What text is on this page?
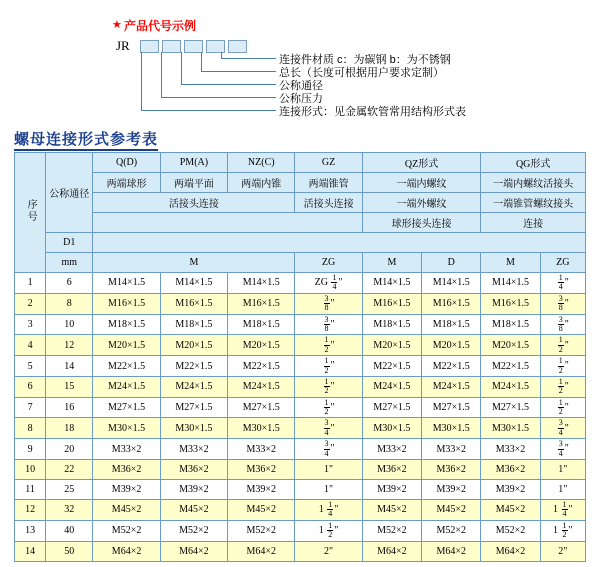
★ 产品代号示例
JR
连接件材质 c：为碳钢 b：为不锈钢
总长（长度可根据用户要求定制）
公称通径
公称压力
连接形式：见金属软管常用结构形式表
螺母连接形式参考表
序号	公称通径	Q(D)	PM(A)	NZ(C)	GZ	QZ形式		QG形式	
		两端球形	两端平面	两端内锥	两端锥管	一端内螺纹		一端内螺纹活接头	
		活接头连接			活接头连接	一端外螺纹		一端锥管螺纹接头	
						球形接头连接		连接	
	D1								
	mm	M			ZG	M	D	M	ZG
1	6	M14×1.5	M14×1.5	M14×1.5	ZG $\frac{1}{4}$ "	M14×1.5	M14×1.5	M14×1.5	$\frac{1}{4}$ "
2	8	M16×1.5	M16×1.5	M16×1.5	$\frac{3}{8}$ "	M16×1.5	M16×1.5	M16×1.5	$\frac{3}{8}$ "
3	10	M18×1.5	M18×1.5	M18×1.5	$\frac{3}{8}$ "	M18×1.5	M18×1.5	M18×1.5	$\frac{3}{8}$ "
4	12	M20×1.5	M20×1.5	M20×1.5	$\frac{1}{2}$ "	M20×1.5	M20×1.5	M20×1.5	$\frac{1}{2}$ "
5	14	M22×1.5	M22×1.5	M22×1.5	$\frac{1}{2}$ "	M22×1.5	M22×1.5	M22×1.5	$\frac{1}{2}$ "
6	15	M24×1.5	M24×1.5	M24×1.5	$\frac{1}{2}$ "	M24×1.5	M24×1.5	M24×1.5	$\frac{1}{2}$ "
7	16	M27×1.5	M27×1.5	M27×1.5	$\frac{1}{2}$ "	M27×1.5	M27×1.5	M27×1.5	$\frac{1}{2}$ "
8	18	M30×1.5	M30×1.5	M30×1.5	$\frac{3}{4}$ "	M30×1.5	M30×1.5	M30×1.5	$\frac{3}{4}$ "
9	20	M33×2	M33×2	M33×2	$\frac{3}{4}$ "	M33×2	M33×2	M33×2	$\frac{3}{4}$ "
10	22	M36×2	M36×2	M36×2	1"	M36×2	M36×2	M36×2	1"
11	25	M39×2	M39×2	M39×2	1"	M39×2	M39×2	M39×2	1"
12	32	M45×2	M45×2	M45×2	$1 \frac{1}{4}$ "	M45×2	M45×2	M45×2	$1 \frac{1}{4}$ "
13	40	M52×2	M52×2	M52×2	$1 \frac{1}{2}$ "	M52×2	M52×2	M52×2	$1 \frac{1}{2}$ "
14	50	M64×2	M64×2	M64×2	2"	M64×2	M64×2	M64×2	2"
